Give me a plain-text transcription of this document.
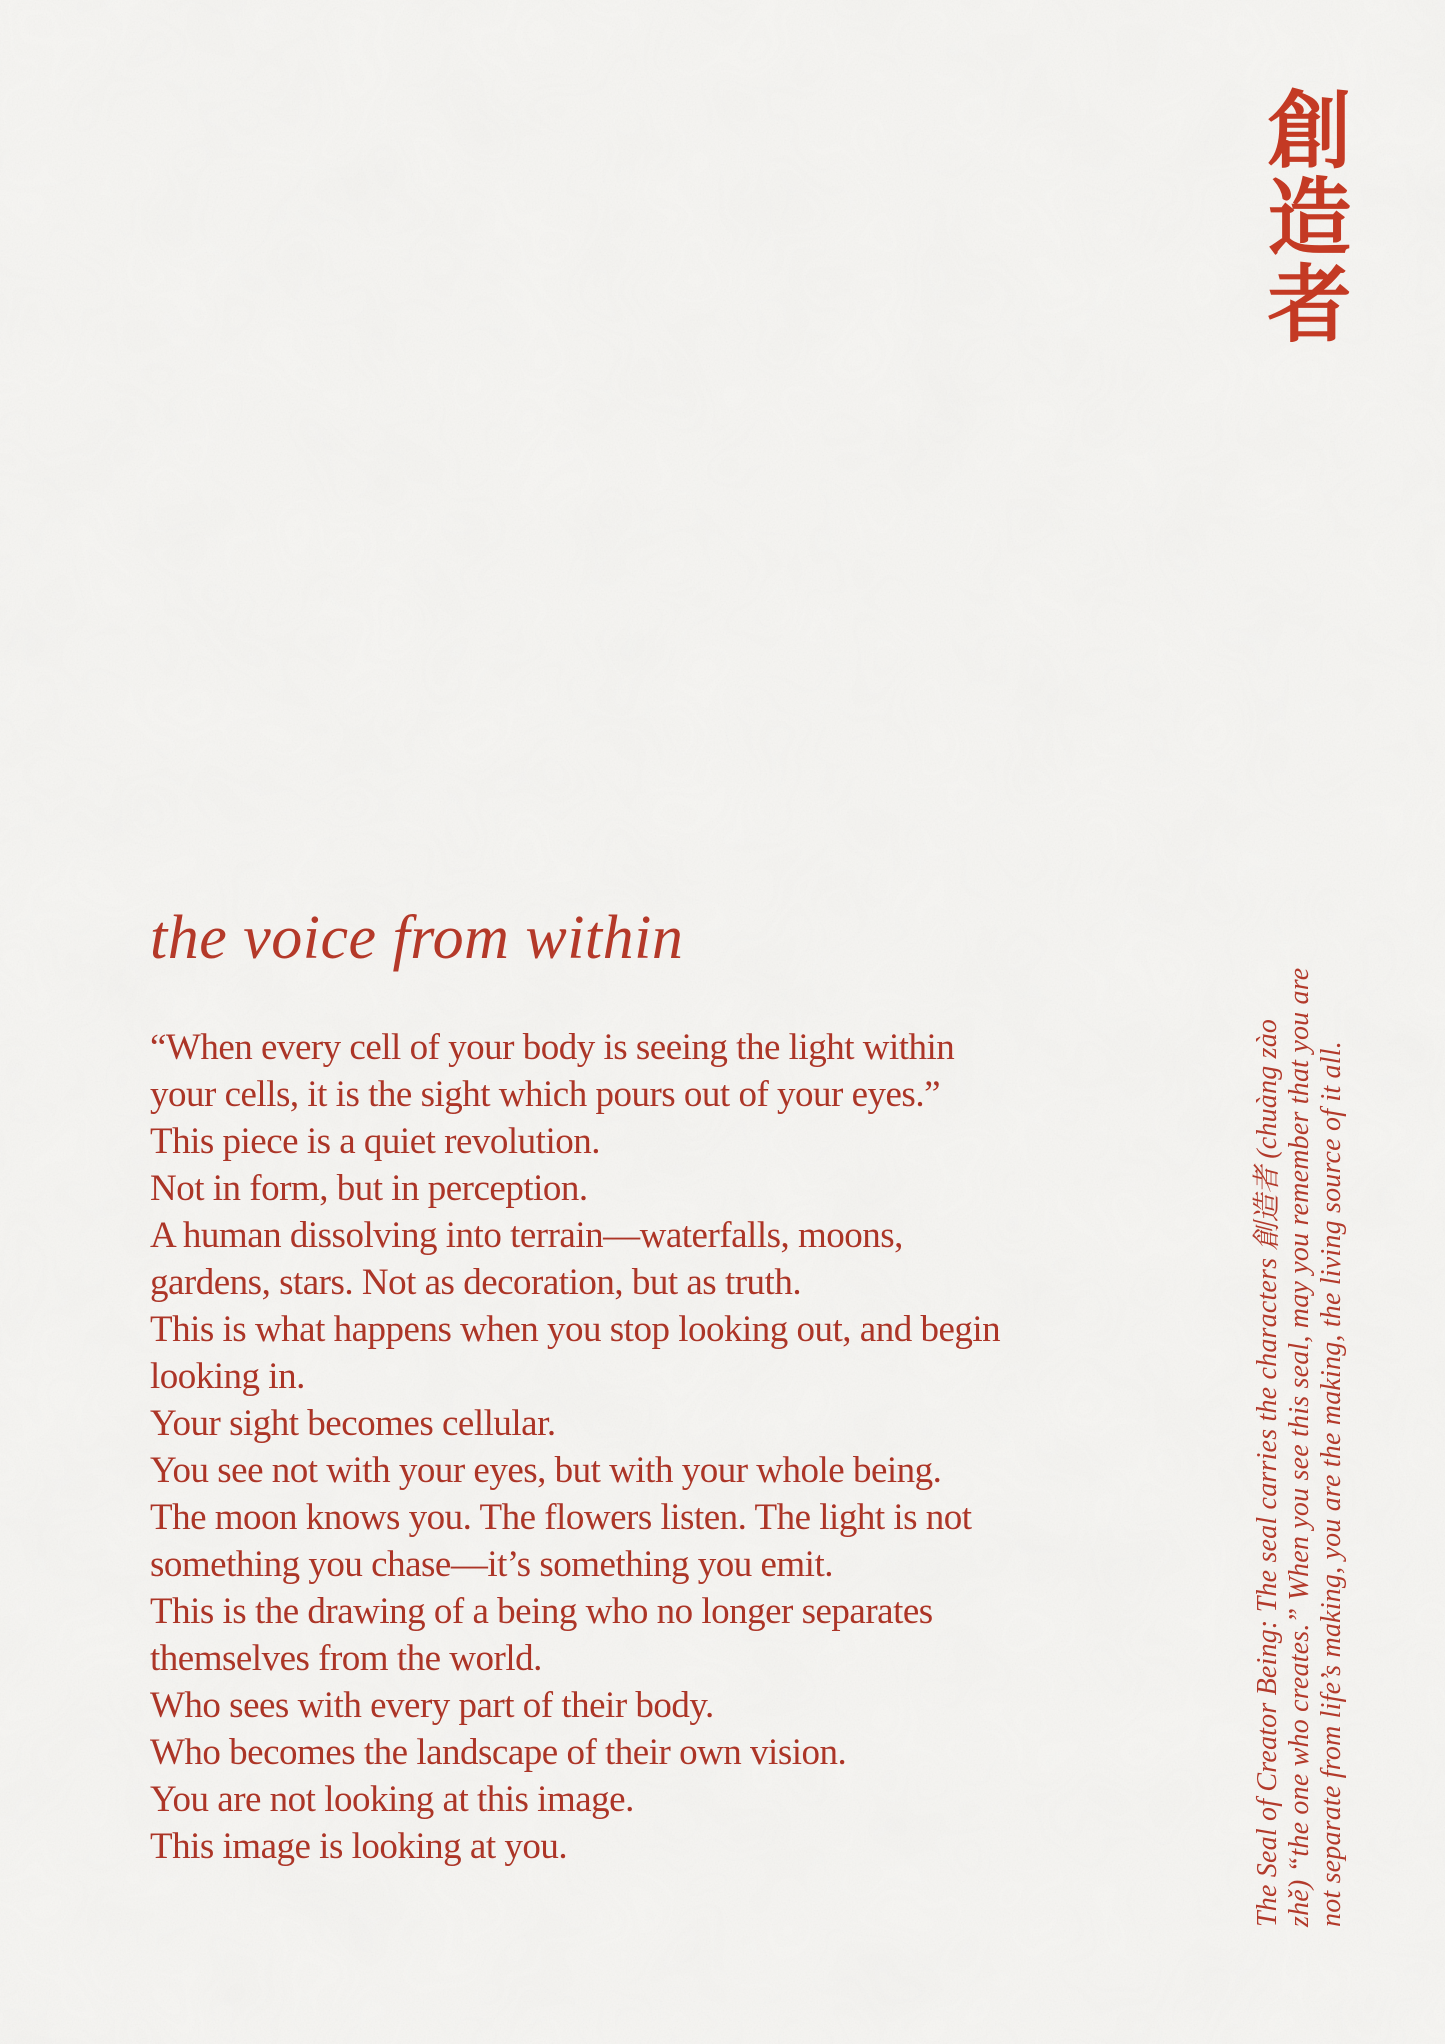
創造者
the voice from within
“When every cell of your body is seeing the light within
your cells, it is the sight which pours out of your eyes.”
This piece is a quiet revolution.
Not in form, but in perception.
A human dissolving into terrain—waterfalls, moons,
gardens, stars. Not as decoration, but as truth.
This is what happens when you stop looking out, and begin
looking in.
Your sight becomes cellular.
You see not with your eyes, but with your whole being.
The moon knows you. The flowers listen. The light is not
something you chase—it’s something you emit.
This is the drawing of a being who no longer separates
themselves from the world.
Who sees with every part of their body.
Who becomes the landscape of their own vision.
You are not looking at this image.
This image is looking at you.	The Seal of Creator Being: The seal carries the characters 創造者 (chuàng zào zhě) “the one who creates.” When you see this seal, may you remember that you are not separate from life’s making, you are the making, the living source of it all.
